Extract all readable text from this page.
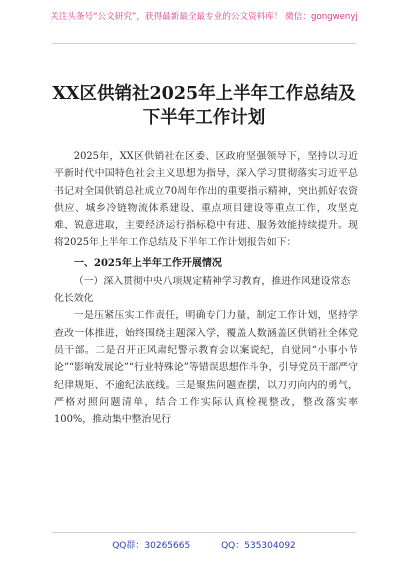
关注头条号“公文研究”，获得最新最全最专业的公文资料库！ 微信：gongwenyj
XX区供销社2025年上半年工作总结及
下半年工作计划

2025年，XX区供销社在区委、区政府坚强领导下，坚持以习近平新时代中国特色社会主义思想为指导，深入学习贯彻落实习近平总书记对全国供销总社成立70周年作出的重要指示精神，突出抓好农资供应、城乡冷链物流体系建设、重点项目建设等重点工作，攻坚克难、锐意进取，主要经济运行指标稳中有进、服务效能持续提升。现将2025年上半年工作总结及下半年工作计划报告如下：

一、2025年上半年工作开展情况

（一）深入贯彻中央八项规定精神学习教育，推进作风建设常态化长效化

一是压紧压实工作责任，明确专门力量，制定工作计划，坚持学查改一体推进，始终围绕主题深入学，覆盖人数涵盖区供销社全体党员干部。二是召开正风肃纪警示教育会以案说纪，自觉同“小事小节论”“影响发展论”“行业特殊论”等错误思想作斗争，引导党员干部严守纪律规矩、不逾纪法底线。三是聚焦问题查摆，以刀刃向内的勇气，严格对照问题清单，结合工作实际认真检视整改，整改落实率100%，推动集中整治见行

QQ群：30265665	QQ：535304092
